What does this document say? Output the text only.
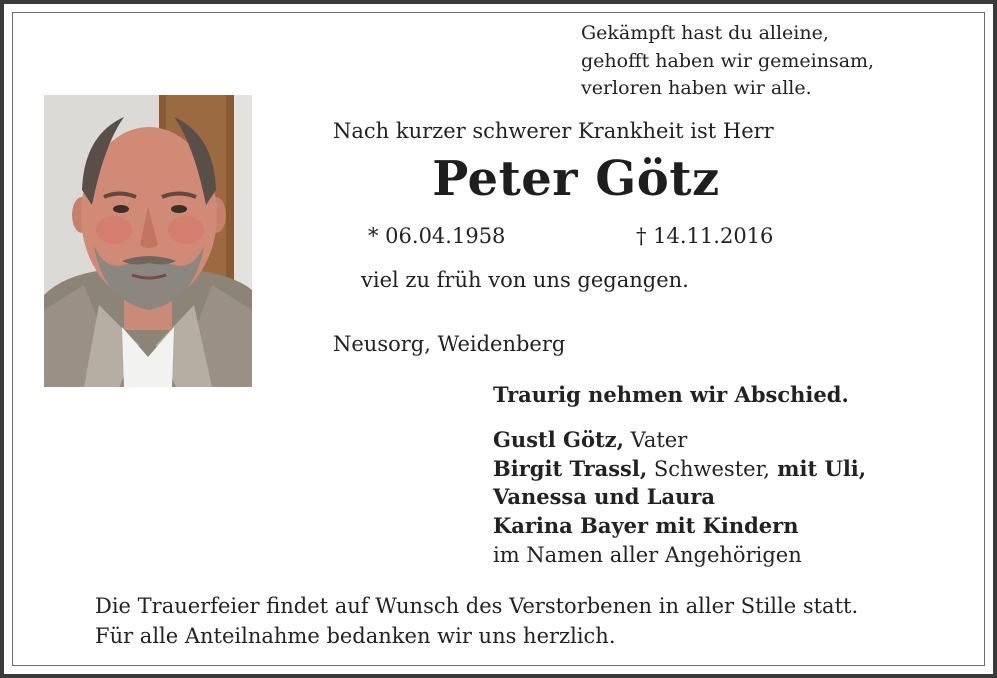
Gekämpft hast du alleine,
gehofft haben wir gemeinsam,
verloren haben wir alle.

Nach kurzer schwerer Krankheit ist Herr

Peter Götz

* 06.04.1958	† 14.11.2016

viel zu früh von uns gegangen.

Neusorg, Weidenberg

Traurig nehmen wir Abschied.

Gustl Götz, Vater
Birgit Trassl, Schwester, mit Uli,
Vanessa und Laura
Karina Bayer mit Kindern
im Namen aller Angehörigen
Die Trauerfeier findet auf Wunsch des Verstorbenen in aller Stille statt.
Für alle Anteilnahme bedanken wir uns herzlich.
